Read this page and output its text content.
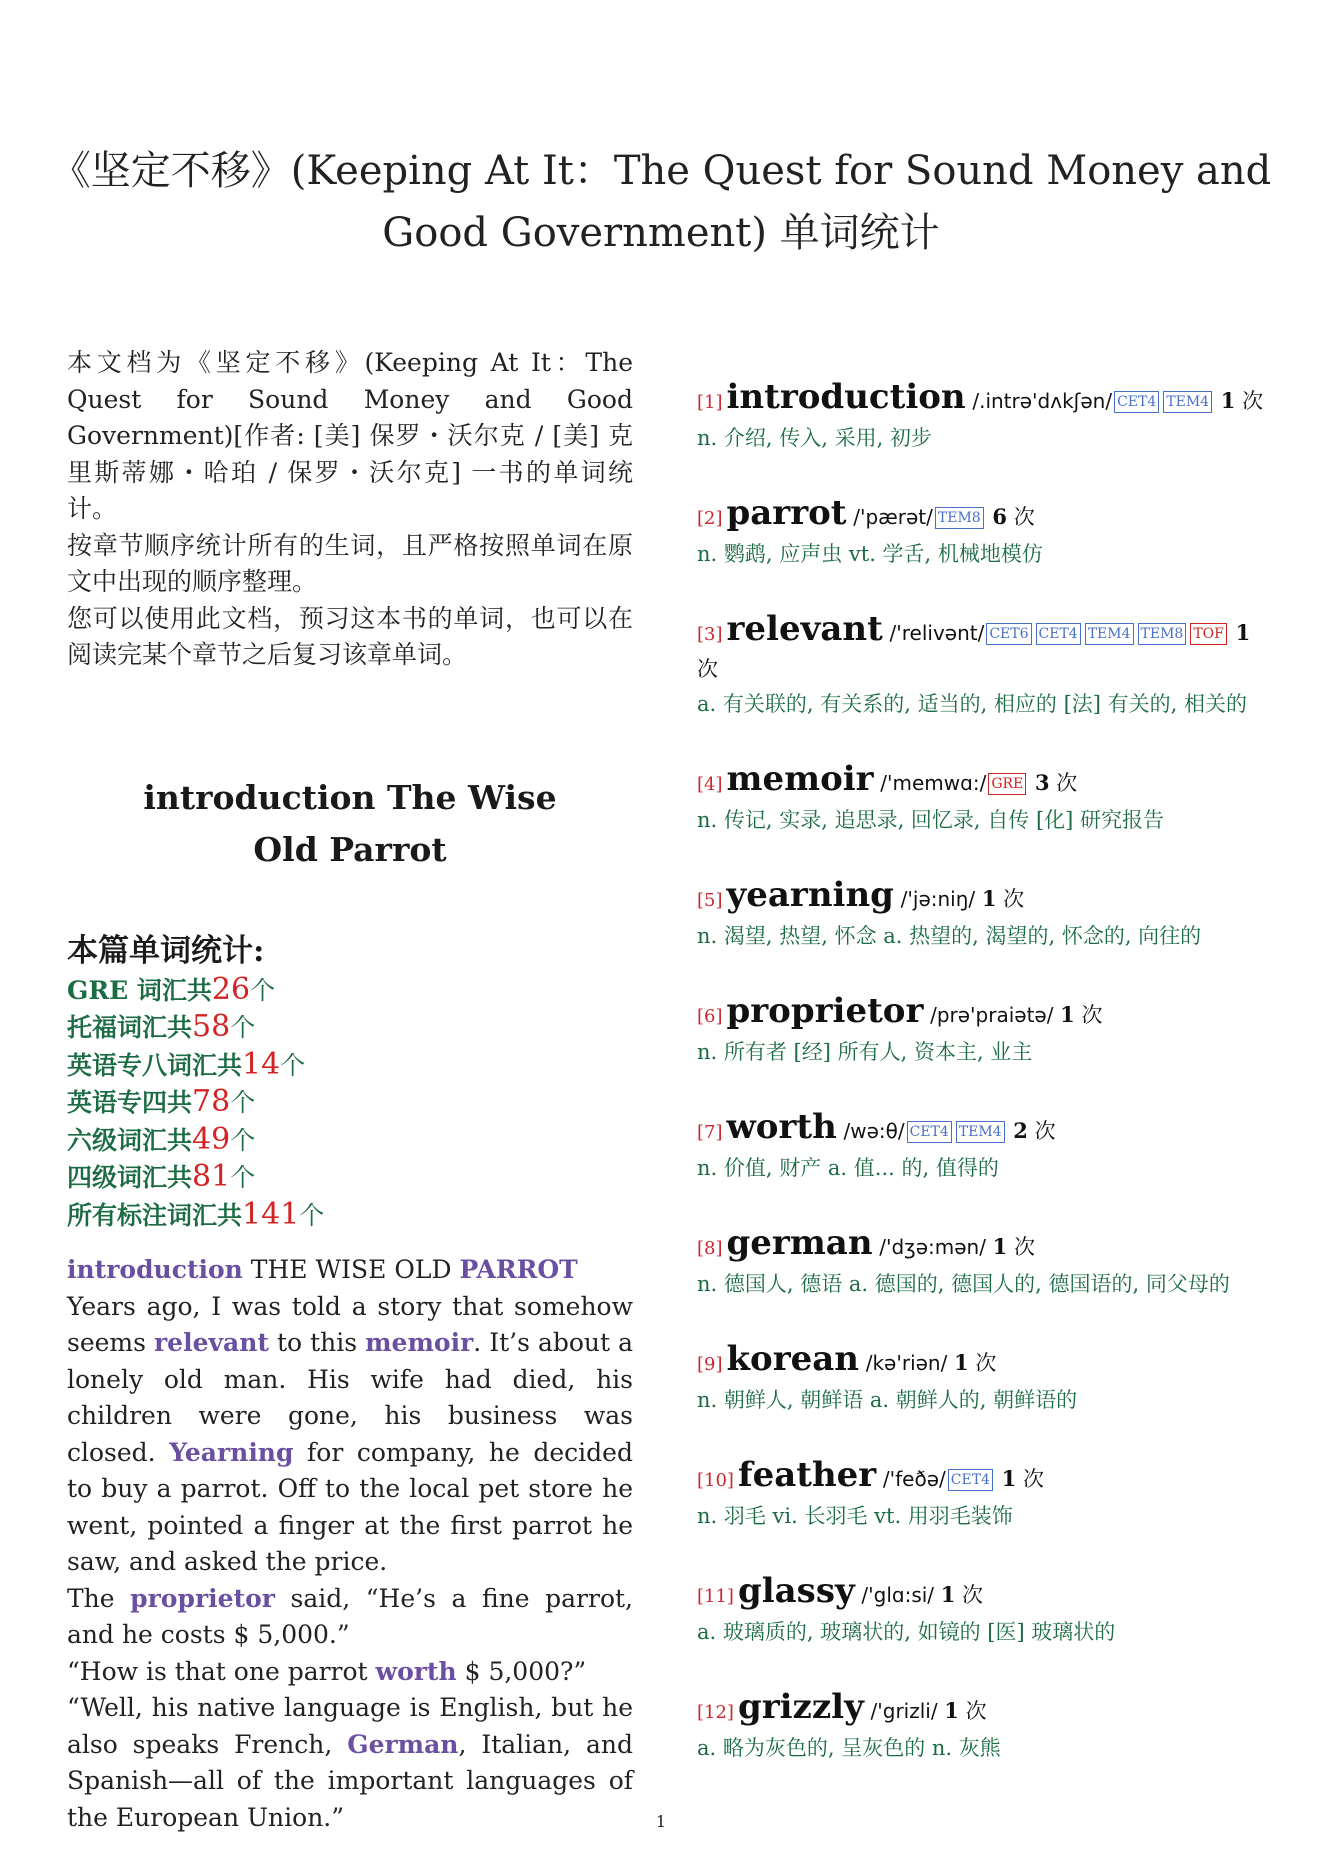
《坚定不移》(Keeping At It：The Quest for Sound Money and Good Government) 单词统计

本文档为《坚定不移》(Keeping At It：The Quest for Sound Money and Good Government)[作者: [美] 保罗・沃尔克 / [美] 克里斯蒂娜・哈珀 / 保罗・沃尔克] 一书的单词统计。

按章节顺序统计所有的生词，且严格按照单词在原文中出现的顺序整理。

您可以使用此文档，预习这本书的单词，也可以在阅读完某个章节之后复习该章单词。

introduction The Wise Old Parrot
本篇单词统计:
GRE 词汇共26个
托福词汇共58个
英语专八词汇共14个
英语专四共78个
六级词汇共49个
四级词汇共81个
所有标注词汇共141个

introduction THE WISE OLD PARROT

Years ago, I was told a story that somehow seems relevant to this memoir. It’s about a lonely old man. His wife had died, his children were gone, his business was closed. Yearning for company, he decided to buy a parrot. Off to the local pet store he went, pointed a finger at the first parrot he saw, and asked the price.

The proprietor said, “He’s a fine parrot, and he costs $ 5,000.”

“How is that one parrot worth $ 5,000?”

“Well, his native language is English, but he also speaks French, German, Italian, and Spanish—all of the important languages of the European Union.”

[1] introduction /.intrə'dʌkʃən/ CET4 TEM4 1 次
n. 介绍, 传入, 采用, 初步
[2] parrot /'pærət/ TEM8 6 次
n. 鹦鹉, 应声虫 vt. 学舌, 机械地模仿
[3] relevant /'relivənt/ CET6 CET4 TEM4 TEM8 TOF 1 次
a. 有关联的, 有关系的, 适当的, 相应的 [法] 有关的, 相关的
[4] memoir /'memwɑ:/ GRE 3 次
n. 传记, 实录, 追思录, 回忆录, 自传 [化] 研究报告
[5] yearning /'jə:niŋ/ 1 次
n. 渴望, 热望, 怀念 a. 热望的, 渴望的, 怀念的, 向往的
[6] proprietor /prə'praiətə/ 1 次
n. 所有者 [经] 所有人, 资本主, 业主
[7] worth /wə:θ/ CET4 TEM4 2 次
n. 价值, 财产 a. 值... 的, 值得的
[8] german /'dʒə:mən/ 1 次
n. 德国人, 德语 a. 德国的, 德国人的, 德国语的, 同父母的
[9] korean /kə'riən/ 1 次
n. 朝鲜人, 朝鲜语 a. 朝鲜人的, 朝鲜语的
[10] feather /'feðə/ CET4 1 次
n. 羽毛 vi. 长羽毛 vt. 用羽毛装饰
[11] glassy /'glɑ:si/ 1 次
a. 玻璃质的, 玻璃状的, 如镜的 [医] 玻璃状的
[12] grizzly /'grizli/ 1 次
a. 略为灰色的, 呈灰色的 n. 灰熊
1
